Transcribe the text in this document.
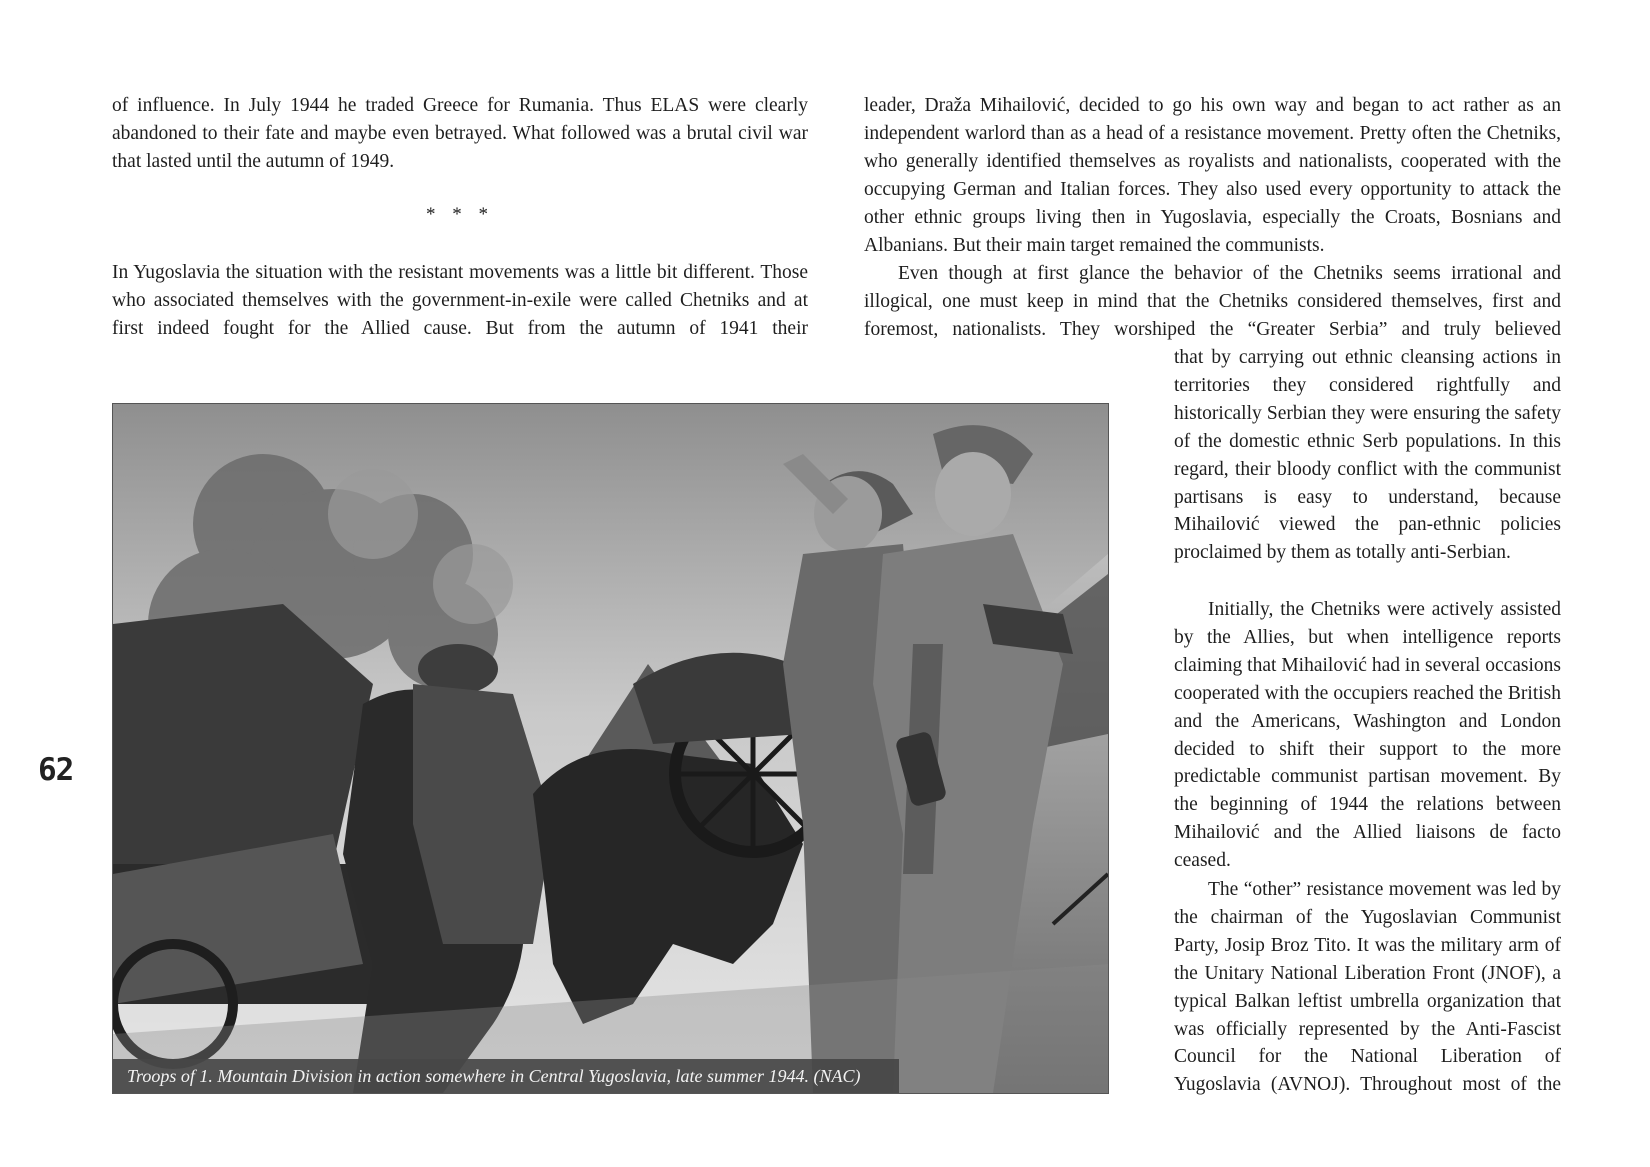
62

of influence. In July 1944 he traded Greece for Rumania. Thus ELAS were clearly abandoned to their fate and maybe even betrayed. What followed was a brutal civil war that lasted until the autumn of 1949.

* * *

In Yugoslavia the situation with the resistant movements was a little bit different. Those who associated themselves with the government-in-exile were called Chetniks and at first indeed fought for the Allied cause. But from the autumn of 1941 their

leader, Draža Mihailović, decided to go his own way and began to act rather as an independent warlord than as a head of a resistance movement. Pretty often the Chetniks, who generally identified themselves as royalists and nationalists, cooperated with the occupying German and Italian forces. They also used every opportunity to attack the other ethnic groups living then in Yugoslavia, especially the Croats, Bosnians and Albanians. But their main target remained the communists.

Even though at first glance the behavior of the Chetniks seems irrational and illogical, one must keep in mind that the Chetniks considered themselves, first and foremost, nationalists. They worshiped the “Greater Serbia” and truly believed

that by carrying out ethnic cleansing actions in territories they considered rightfully and historically Serbian they were ensuring the safety of the domestic ethnic Serb populations. In this regard, their bloody conflict with the communist partisans is easy to understand, because Mihailović viewed the pan-ethnic policies proclaimed by them as totally anti-Serbian.

Initially, the Chetniks were actively assisted by the Allies, but when intelligence reports claiming that Mihailović had in several occasions cooperated with the occupiers reached the British and the Americans, Washington and London decided to shift their support to the more predictable communist partisan movement. By the beginning of 1944 the relations between Mihailović and the Allied liaisons de facto ceased.

The “other” resistance movement was led by the chairman of the Yugoslavian Communist Party, Josip Broz Tito. It was the military arm of the Unitary National Liberation Front (JNOF), a typical Balkan leftist umbrella organization that was officially represented by the Anti-Fascist Council for the National Liberation of Yugoslavia (AVNOJ). Throughout most of the

Troops of 1. Mountain Division in action somewhere in Central Yugoslavia, late summer 1944. (NAC)
